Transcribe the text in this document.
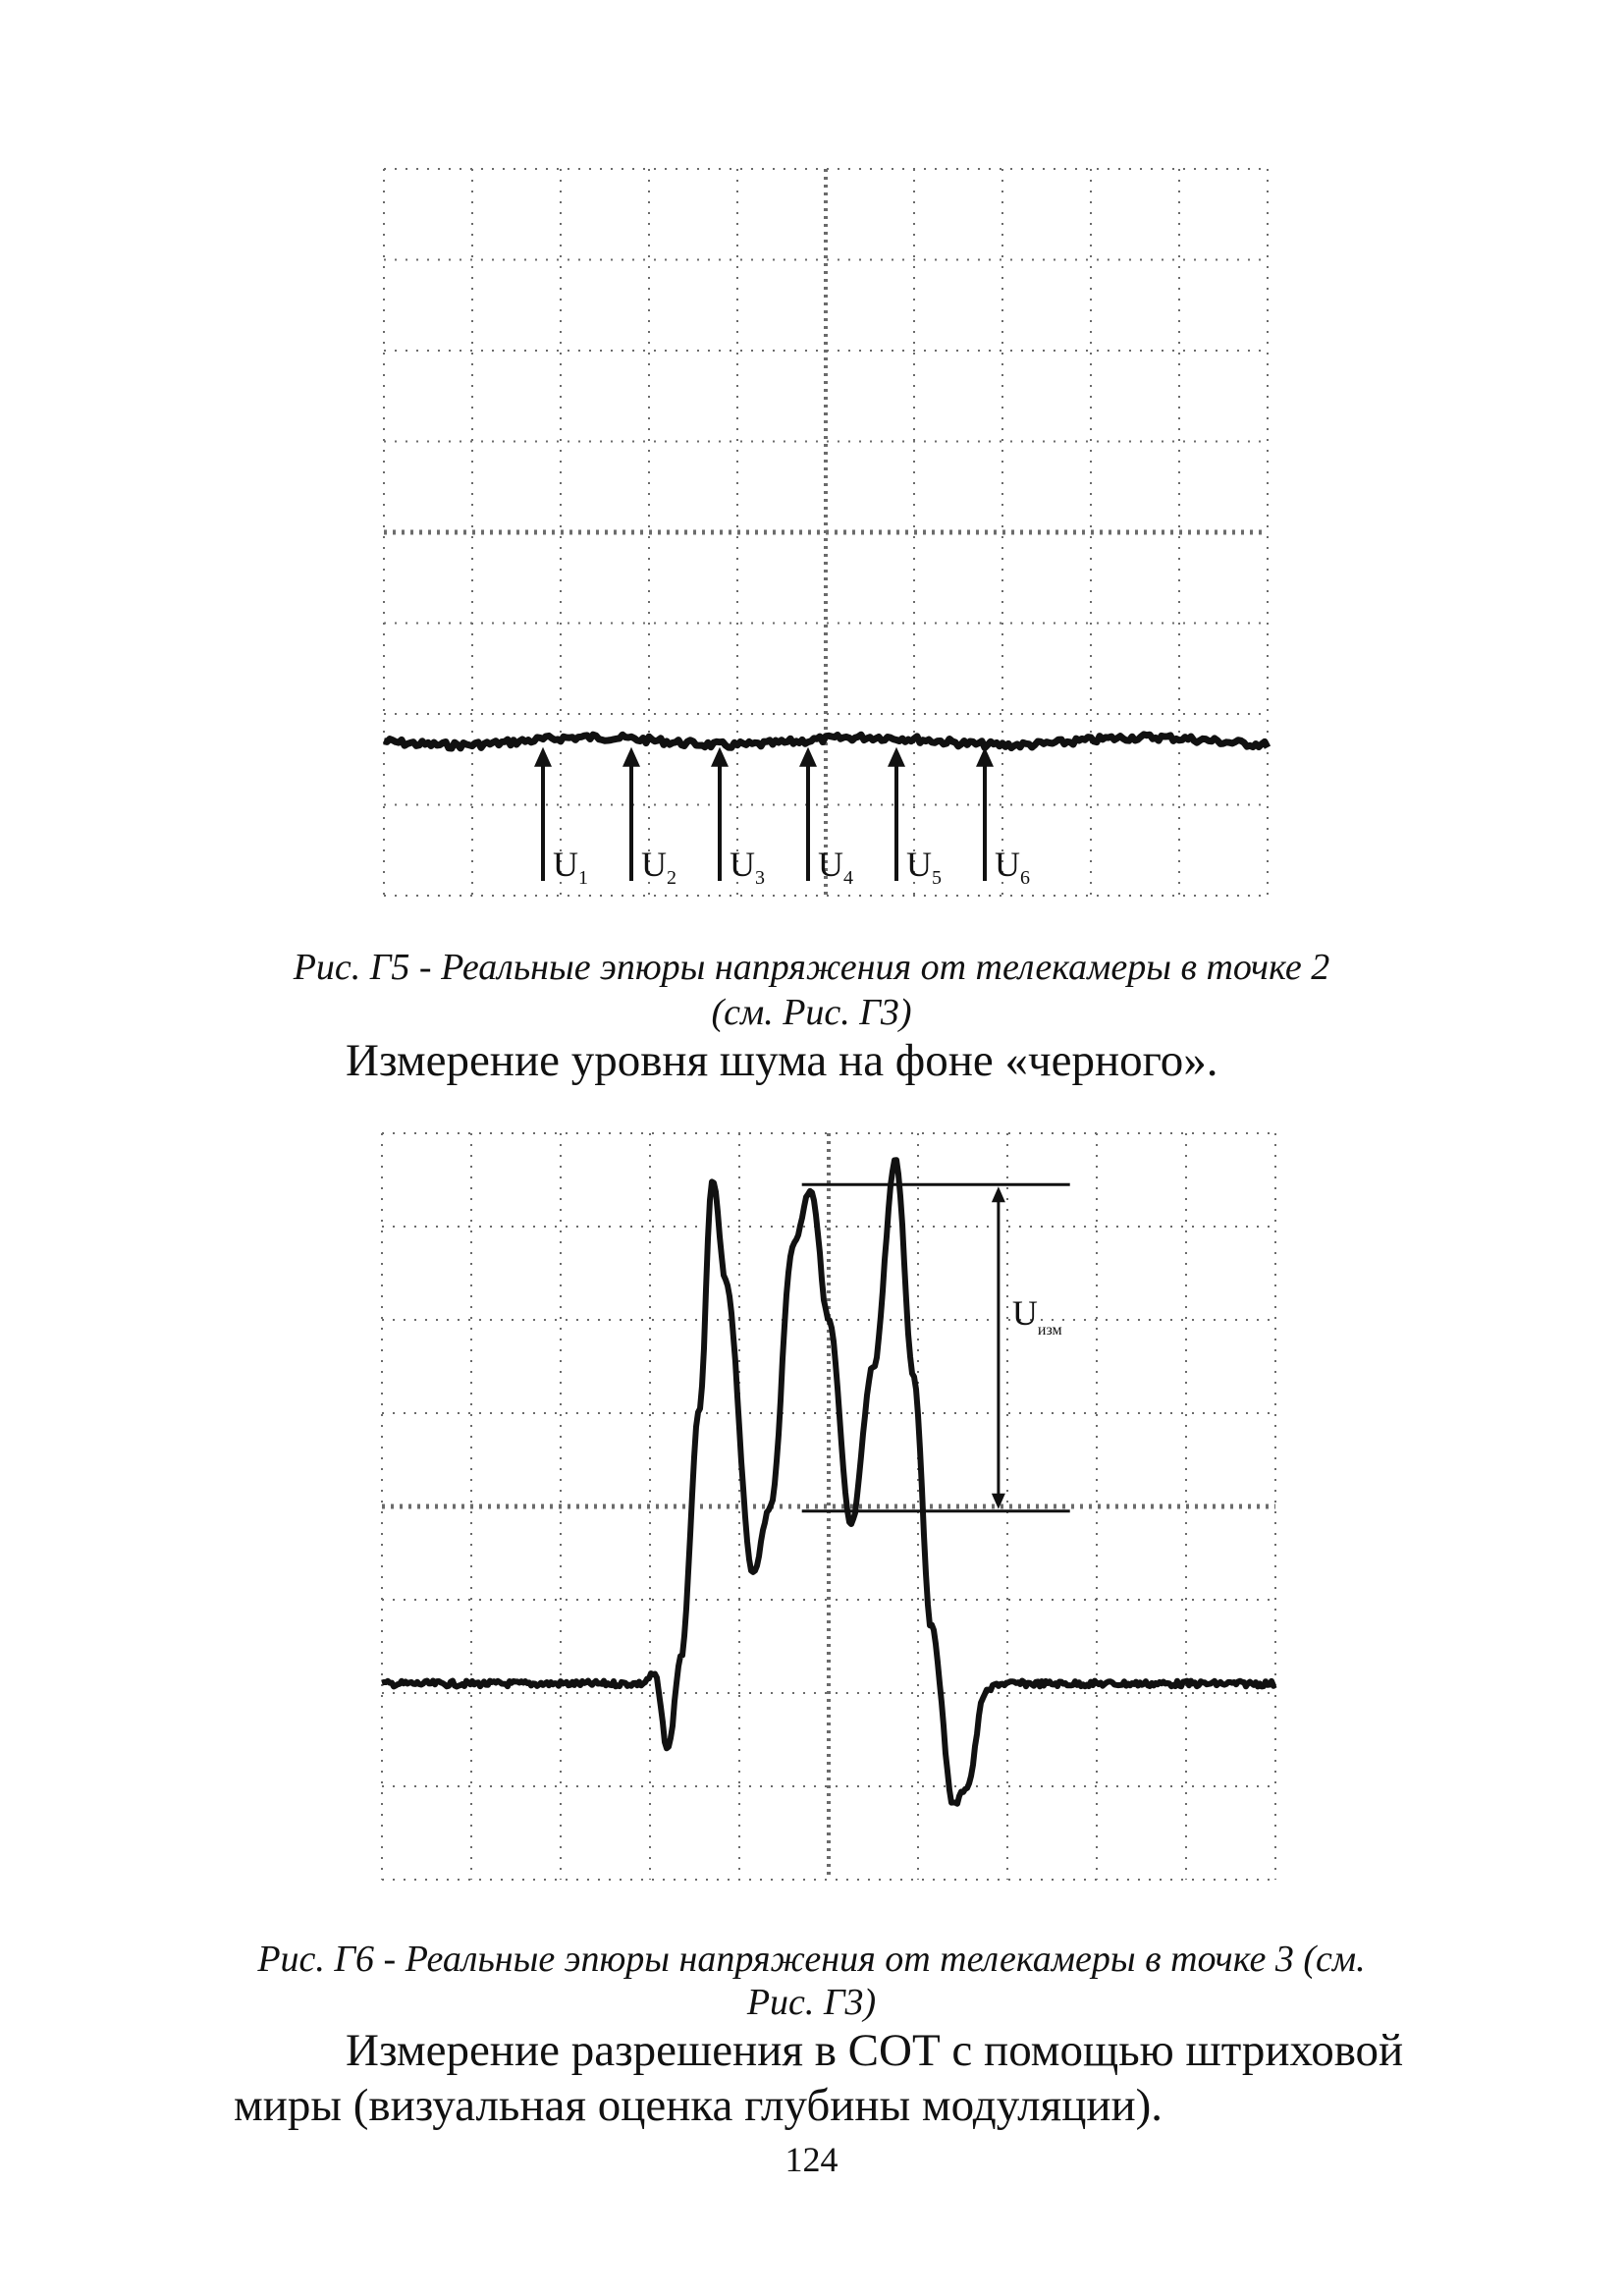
$U_1$ $U_2$ $U_3$ $U_4$ $U_5$ $U_6$
Рис. Г5 - Реальные эпюры напряжения от телекамеры в точке 2
(см. Рис. Г3)
Измерение уровня шума на фоне «черного».
$U_{изм}$
Рис. Г6 - Реальные эпюры напряжения от телекамеры в точке 3 (см.
Рис. Г3)
Измерение разрешения в СОТ с помощью штриховой
миры (визуальная оценка глубины модуляции).
124
